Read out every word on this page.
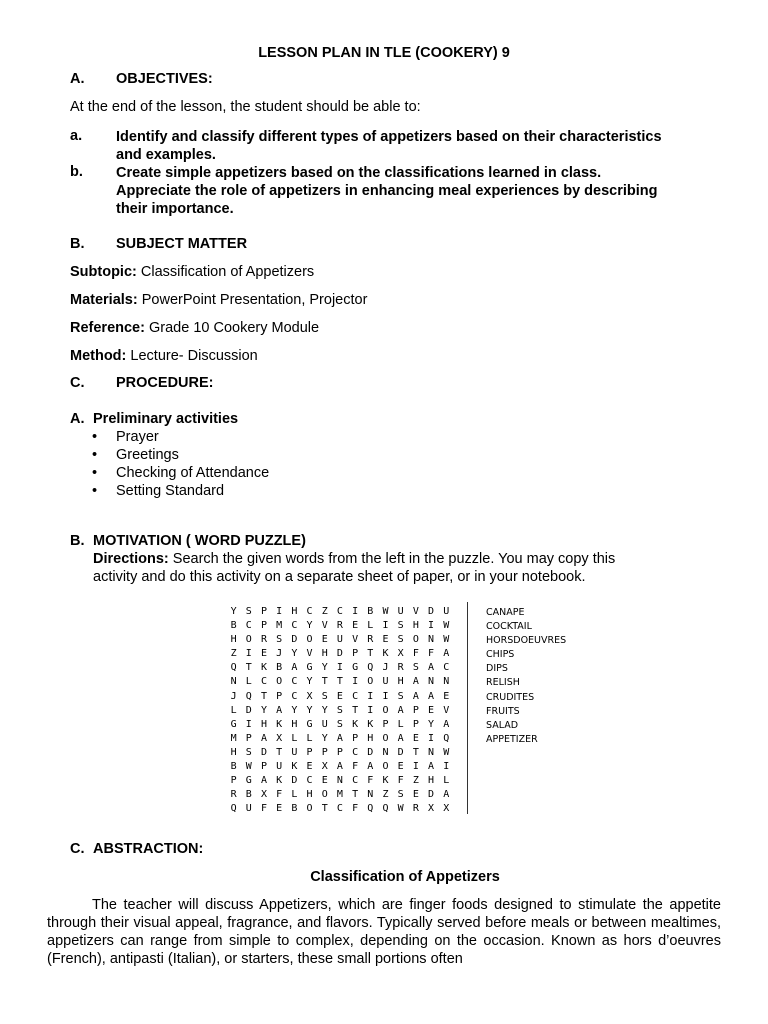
LESSON PLAN IN TLE (COOKERY) 9
A. OBJECTIVES:
At the end of the lesson, the student should be able to:
a. Identify and classify different types of appetizers based on their characteristics
and examples.
b. Create simple appetizers based on the classifications learned in class.
Appreciate the role of appetizers in enhancing meal experiences by describing
their importance.
B. SUBJECT MATTER
Subtopic: Classification of Appetizers
Materials: PowerPoint Presentation, Projector
Reference: Grade 10 Cookery Module
Method: Lecture- Discussion
C. PROCEDURE:
A. Preliminary activities
• Prayer
• Greetings
• Checking of Attendance
• Setting Standard
B. MOTIVATION ( WORD PUZZLE)
Directions: Search the given words from the left in the puzzle. You may copy this
activity and do this activity on a separate sheet of paper, or in your notebook.
Y S P I H C Z C I B W U V D U
B C P M C Y V R E L I S H I W
H O R S D O E U V R E S O N W
Z I E J Y V H D P T K X F F A
Q T K B A G Y I G Q J R S A C
N L C O C Y T T I O U H A N N
J Q T P C X S E C I I S A A E
L D Y A Y Y Y S T I O A P E V
G I H K H G U S K K P L P Y A
M P A X L L Y A P H O A E I Q
H S D T U P P P C D N D T N W
B W P U K E X A F A O E I A I
P G A K D C E N C F K F Z H L
R B X F L H O M T N Z S E D A
Q U F E B O T C F Q Q W R X X
CANAPE
COCKTAIL
HORSDOEUVRES
CHIPS
DIPS
RELISH
CRUDITES
FRUITS
SALAD
APPETIZER
C. ABSTRACTION:
Classification of Appetizers
The teacher will discuss Appetizers, which are finger foods designed to stimulate the appetite through their visual appeal, fragrance, and flavors. Typically served before meals or between mealtimes, appetizers can range from simple to complex, depending on the occasion. Known as hors d’oeuvres (French), antipasti (Italian), or starters, these small portions often
